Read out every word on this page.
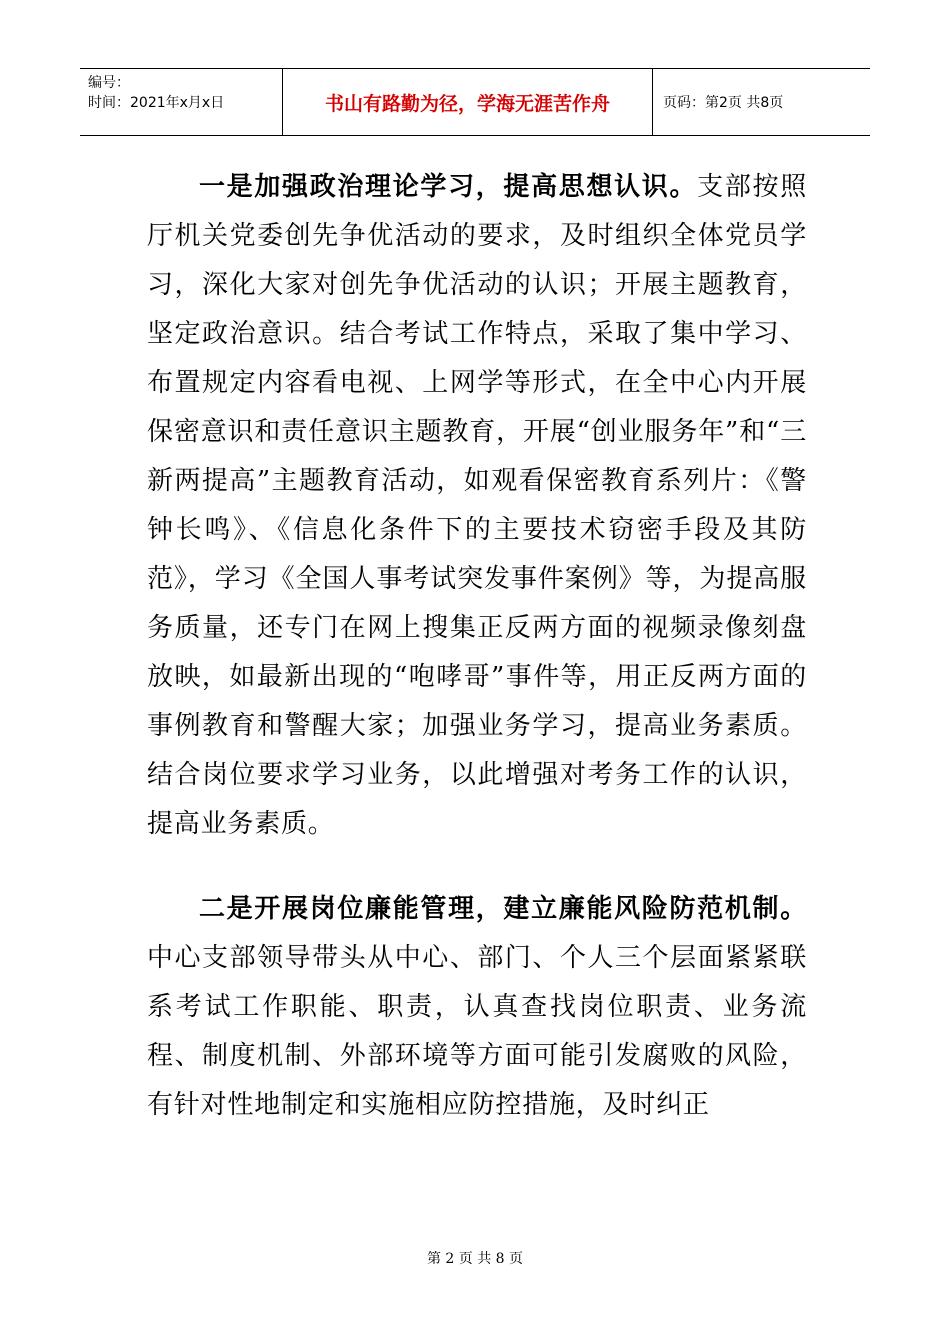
编号：
时间：2021年x月x日	书山有路勤为径，学海无涯苦作舟	页码：第2页 共8页

一是加强政治理论学习，提高思想认识。支部按照厅机关党委创先争优活动的要求，及时组织全体党员学习，深化大家对创先争优活动的认识；开展主题教育，坚定政治意识。结合考试工作特点，采取了集中学习、布置规定内容看电视、上网学等形式，在全中心内开展保密意识和责任意识主题教育，开展“创业服务年”和“三新两提高”主题教育活动，如观看保密教育系列片：《警钟长鸣》、《信息化条件下的主要技术窃密手段及其防范》，学习《全国人事考试突发事件案例》等，为提高服务质量，还专门在网上搜集正反两方面的视频录像刻盘放映，如最新出现的“咆哮哥”事件等，用正反两方面的事例教育和警醒大家；加强业务学习，提高业务素质。结合岗位要求学习业务，以此增强对考务工作的认识，提高业务素质。

二是开展岗位廉能管理，建立廉能风险防范机制。中心支部领导带头从中心、部门、个人三个层面紧紧联系考试工作职能、职责，认真查找岗位职责、业务流程、制度机制、外部环境等方面可能引发腐败的风险，有针对性地制定和实施相应防控措施，及时纠正

第 2 页 共 8 页
